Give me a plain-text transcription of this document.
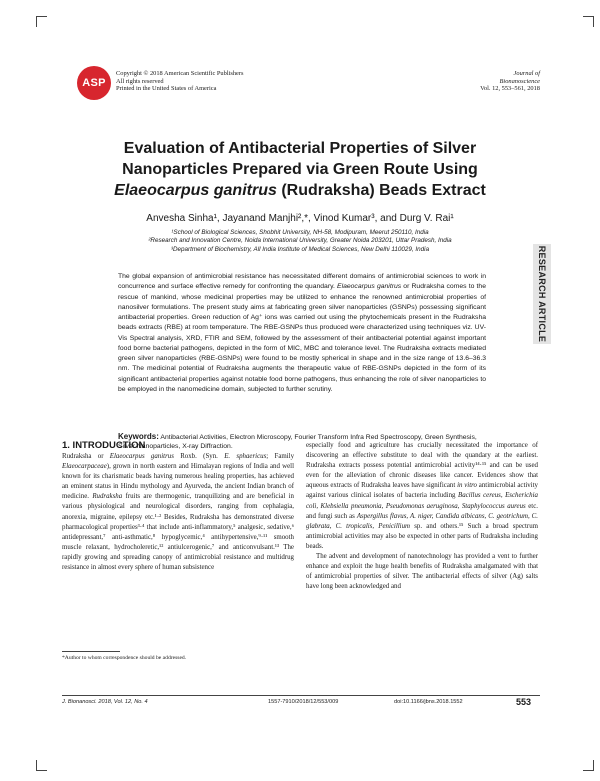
ASP
Copyright © 2018 American Scientific Publishers
All rights reserved
Printed in the United States of America
Journal of
Bionanoscience
Vol. 12, 553–561, 2018
Evaluation of Antibacterial Properties of Silver
Nanoparticles Prepared via Green Route Using
Elaeocarpus ganitrus (Rudraksha) Beads Extract
Anvesha Sinha¹, Jayanand Manjhi²,*, Vinod Kumar³, and Durg V. Rai¹
¹School of Biological Sciences, Shobhit University, NH-58, Modipuram, Meerut 250110, India
²Research and Innovation Centre, Noida International University, Greater Noida 203201, Uttar Pradesh, India
³Department of Biochemistry, All India Institute of Medical Sciences, New Delhi 110029, India	RESEARCH ARTICLE
The global expansion of antimicrobial resistance has necessitated different domains of antimicrobial sciences to work in concurrence and surface effective remedy for confronting the quandary. Elaeocarpus ganitrus or Rudraksha comes to the rescue of mankind, whose medicinal properties may be utilized to enhance the renowned antimicrobial properties of nanosilver formulations. The present study aims at fabricating green silver nanoparticles (GSNPs) possessing significant antibacterial properties. Green reduction of Ag⁺ ions was carried out using the phytochemicals present in the Rudraksha beads extracts (RBE) at room temperature. The RBE-GSNPs thus produced were characterized using techniques viz. UV-Vis Spectral analysis, XRD, FTIR and SEM, followed by the assessment of their antibacterial potential against important food borne bacterial pathogens, depicted in the form of MIC, MBC and tolerance level. The Rudraksha extracts mediated green silver nanoparticles (RBE-GSNPs) were found to be mostly spherical in shape and in the size range of 13.6–36.3 nm. The medicinal potential of Rudraksha augments the therapeutic value of RBE-GSNPs depicted in the form of its significant antibacterial properties against notable food borne pathogens, thus enhancing the role of silver nanoparticles to be employed in the nanomedicine domain, subjected to further scrutiny.
Keywords: Antibacterial Activities, Electron Microscopy, Fourier Transform Infra Red Spectroscopy, Green Synthesis, Silver Nanoparticles, X-ray Diffraction.
1. INTRODUCTION
Rudraksha or Elaeocarpus ganitrus Roxb. (Syn. E. sphaericus; Family Elaeocarpaceae), grown in north eastern and Himalayan regions of India and well known for its charismatic beads having numerous healing properties, has achieved an eminent status in Hindu mythology and Ayurveda, the ancient Indian branch of medicine. Rudraksha fruits are thermogenic, tranquilizing and are beneficial in various physiological and neurological disorders, ranging from cephalagia, anorexia, migraine, epilepsy etc.¹·² Besides, Rudraksha has demonstrated diverse pharmacological properties³·⁴ that include anti-inflammatory,⁵ analgesic, sedative,⁶ antidepressant,⁷ anti-asthmatic,⁸ hypoglycemic,⁴ antihypertensive,⁹·¹¹ smooth muscle relaxant, hydrocholeretic,¹² antiulcerogenic,⁷ and anticonvulsant.¹³ The rapidly growing and spreading canopy of antimicrobial resistance and multidrug resistance in almost every sphere of human subsistence

especially food and agriculture has crucially necessitated the importance of discovering an effective substitute to deal with the quandary at the earliest. Rudraksha extracts possess potential antimicrobial activity¹⁴·¹⁵ and can be used even for the alleviation of chronic diseases like cancer. Evidences show that aqueous extracts of Rudraksha leaves have significant in vitro antimicrobial activity against various clinical isolates of bacteria including Bacillus cereus, Escherichia coli, Klebsiella pneumonia, Pseudomonas aeruginosa, Staphylococcus aureus etc. and fungi such as Aspergillus flavus, A. niger, Candida albicans, C. geotrichum, C. glabrata, C. tropicalis, Penicillium sp. and others.¹⁵ Such a broad spectrum antimicrobial activities may also be expected in other parts of Rudraksha including beads.

The advent and development of nanotechnology has provided a vent to further enhance and exploit the huge health benefits of Rudraksha amalgamated with that of antimicrobial properties of silver. The antibacterial effects of silver (Ag) salts have long been acknowledged and

*Author to whom correspondence should be addressed.
J. Bionanosci. 2018, Vol. 12, No. 4	1557-7910/2018/12/553/009	doi:10.1166/jbns.2018.1552	553
